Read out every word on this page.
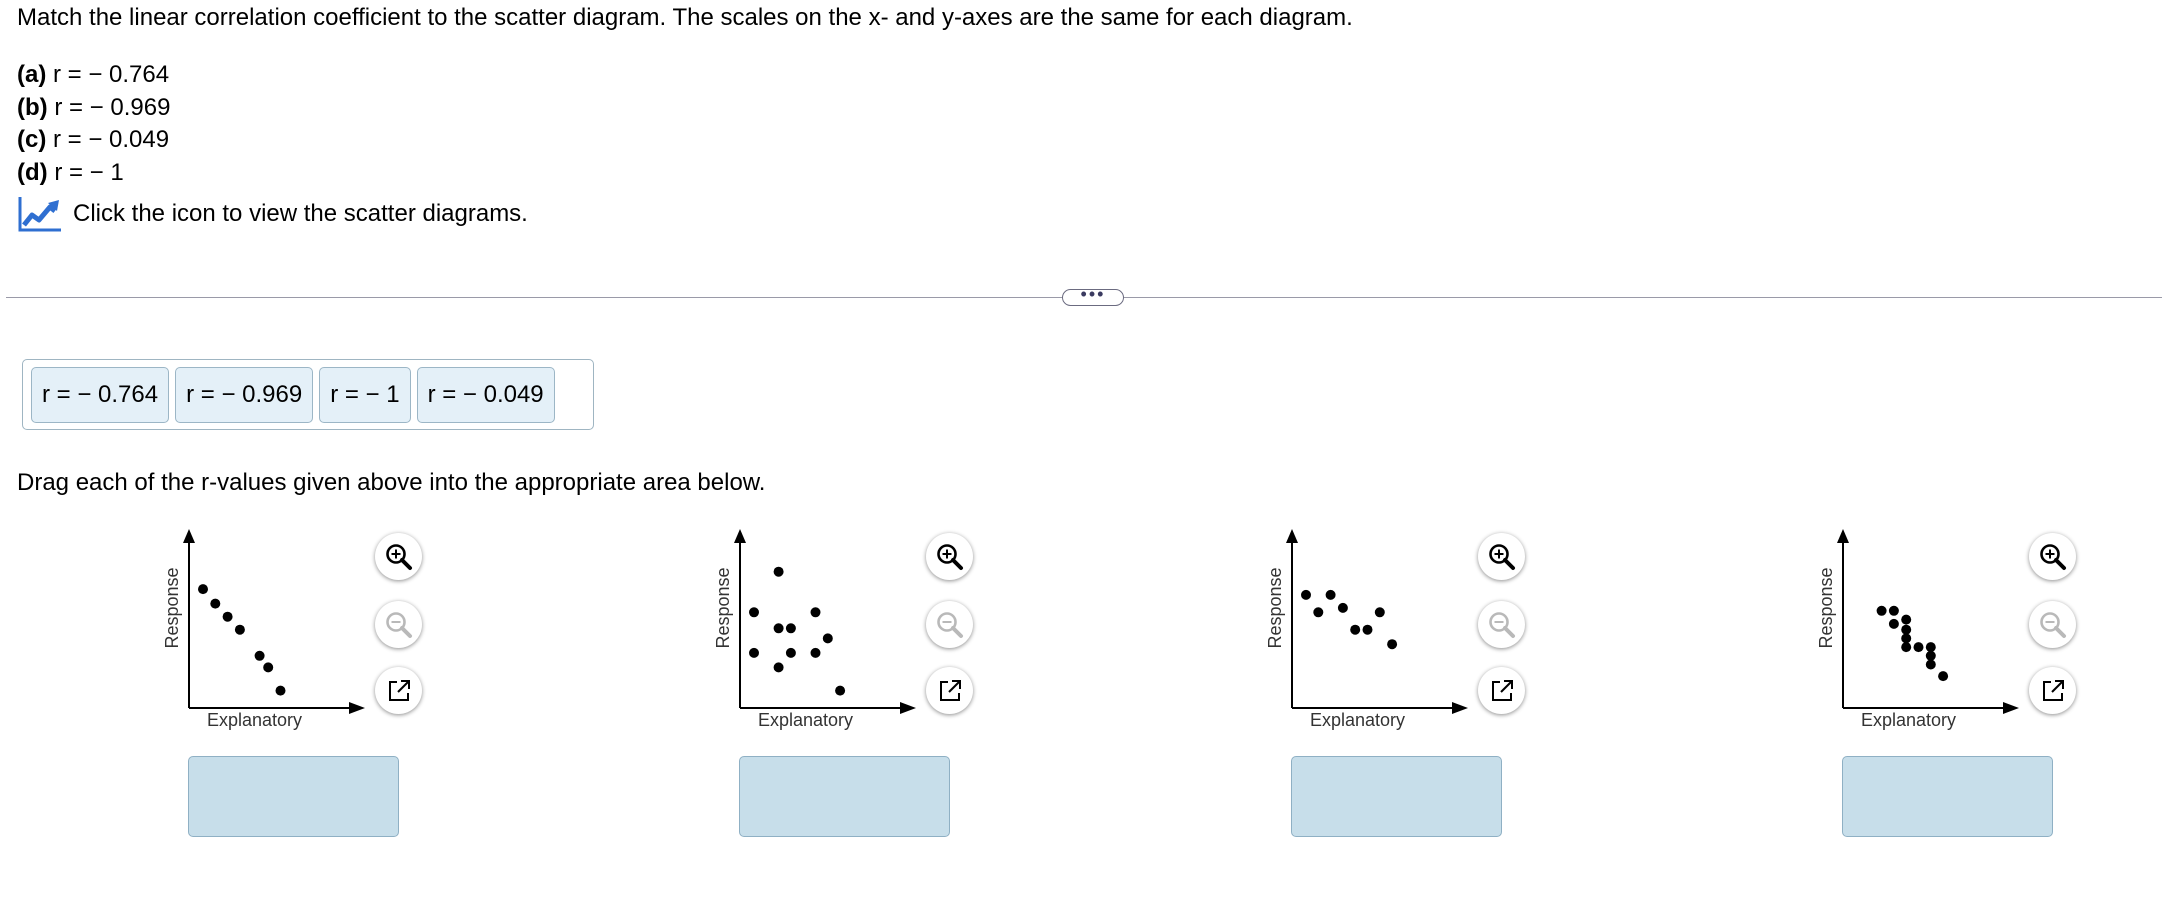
Match the linear correlation coefficient to the scatter diagram. The scales on the x- and y-axes are the same for each diagram.
(a) r = − 0.764
(b) r = − 0.969
(c) r = − 0.049
(d) r = − 1
Click the icon to view the scatter diagrams.
•••
r = − 0.764	r = − 0.969	r = − 1	r = − 0.049
Drag each of the r-values given above into the appropriate area below.
Explanatory
Response
Explanatory
Response
Explanatory
Response
Explanatory
Response
